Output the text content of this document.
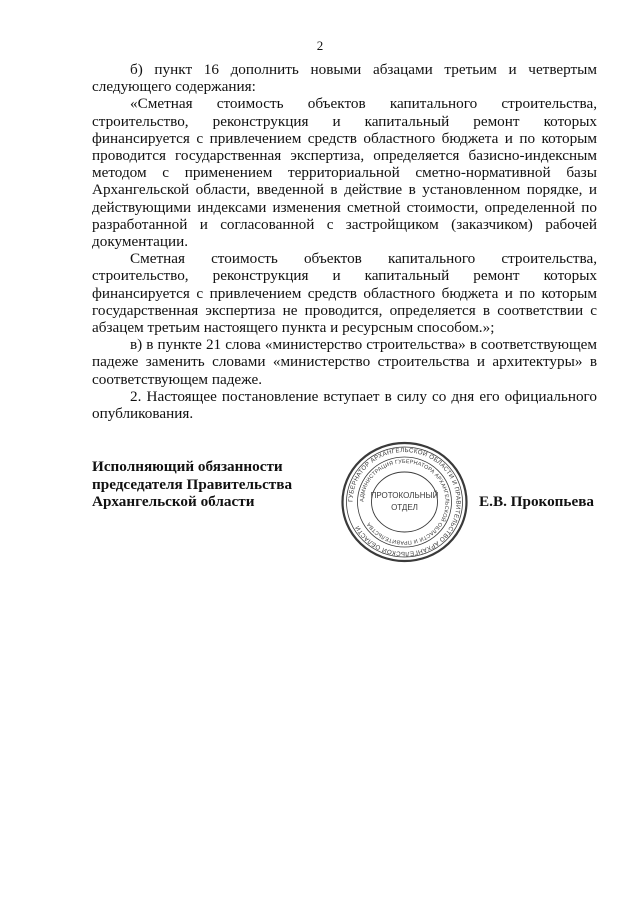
2

б) пункт 16 дополнить новыми абзацами третьим и четвертым следующего содержания:

«Сметная стоимость объектов капитального строительства, строительство, реконструкция и капитальный ремонт которых финансируется с привлечением средств областного бюджета и по которым проводится государственная экспертиза, определяется базисно-индексным методом с применением территориальной сметно-нормативной базы Архангельской области, введенной в действие в установленном порядке, и действующими индексами изменения сметной стоимости, определенной по разработанной и согласованной с застройщиком (заказчиком) рабочей документации.

Сметная стоимость объектов капитального строительства, строительство, реконструкция и капитальный ремонт которых финансируется с привлечением средств областного бюджета и по которым государственная экспертиза не проводится, определяется в соответствии с абзацем третьим настоящего пункта и ресурсным способом.»;

в) в пункте 21 слова «министерство строительства» в соответствующем падеже заменить словами «министерство строительства и архитектуры» в соответствующем падеже.

2. Настоящее постановление вступает в силу со дня его официального опубликования.

Исполняющий обязанности
председателя Правительства
Архангельской области	ГУБЕРНАТОР АРХАНГЕЛЬСКОЙ ОБЛАСТИ И ПРАВИТЕЛЬСТВО АРХАНГЕЛЬСКОЙ ОБЛАСТИ
АДМИНИСТРАЦИЯ ГУБЕРНАТОРА АРХАНГЕЛЬСКОЙ ОБЛАСТИ И ПРАВИТЕЛЬСТВА
ПРОТОКОЛЬНЫЙ
ОТДЕЛ	Е.В. Прокопьева
